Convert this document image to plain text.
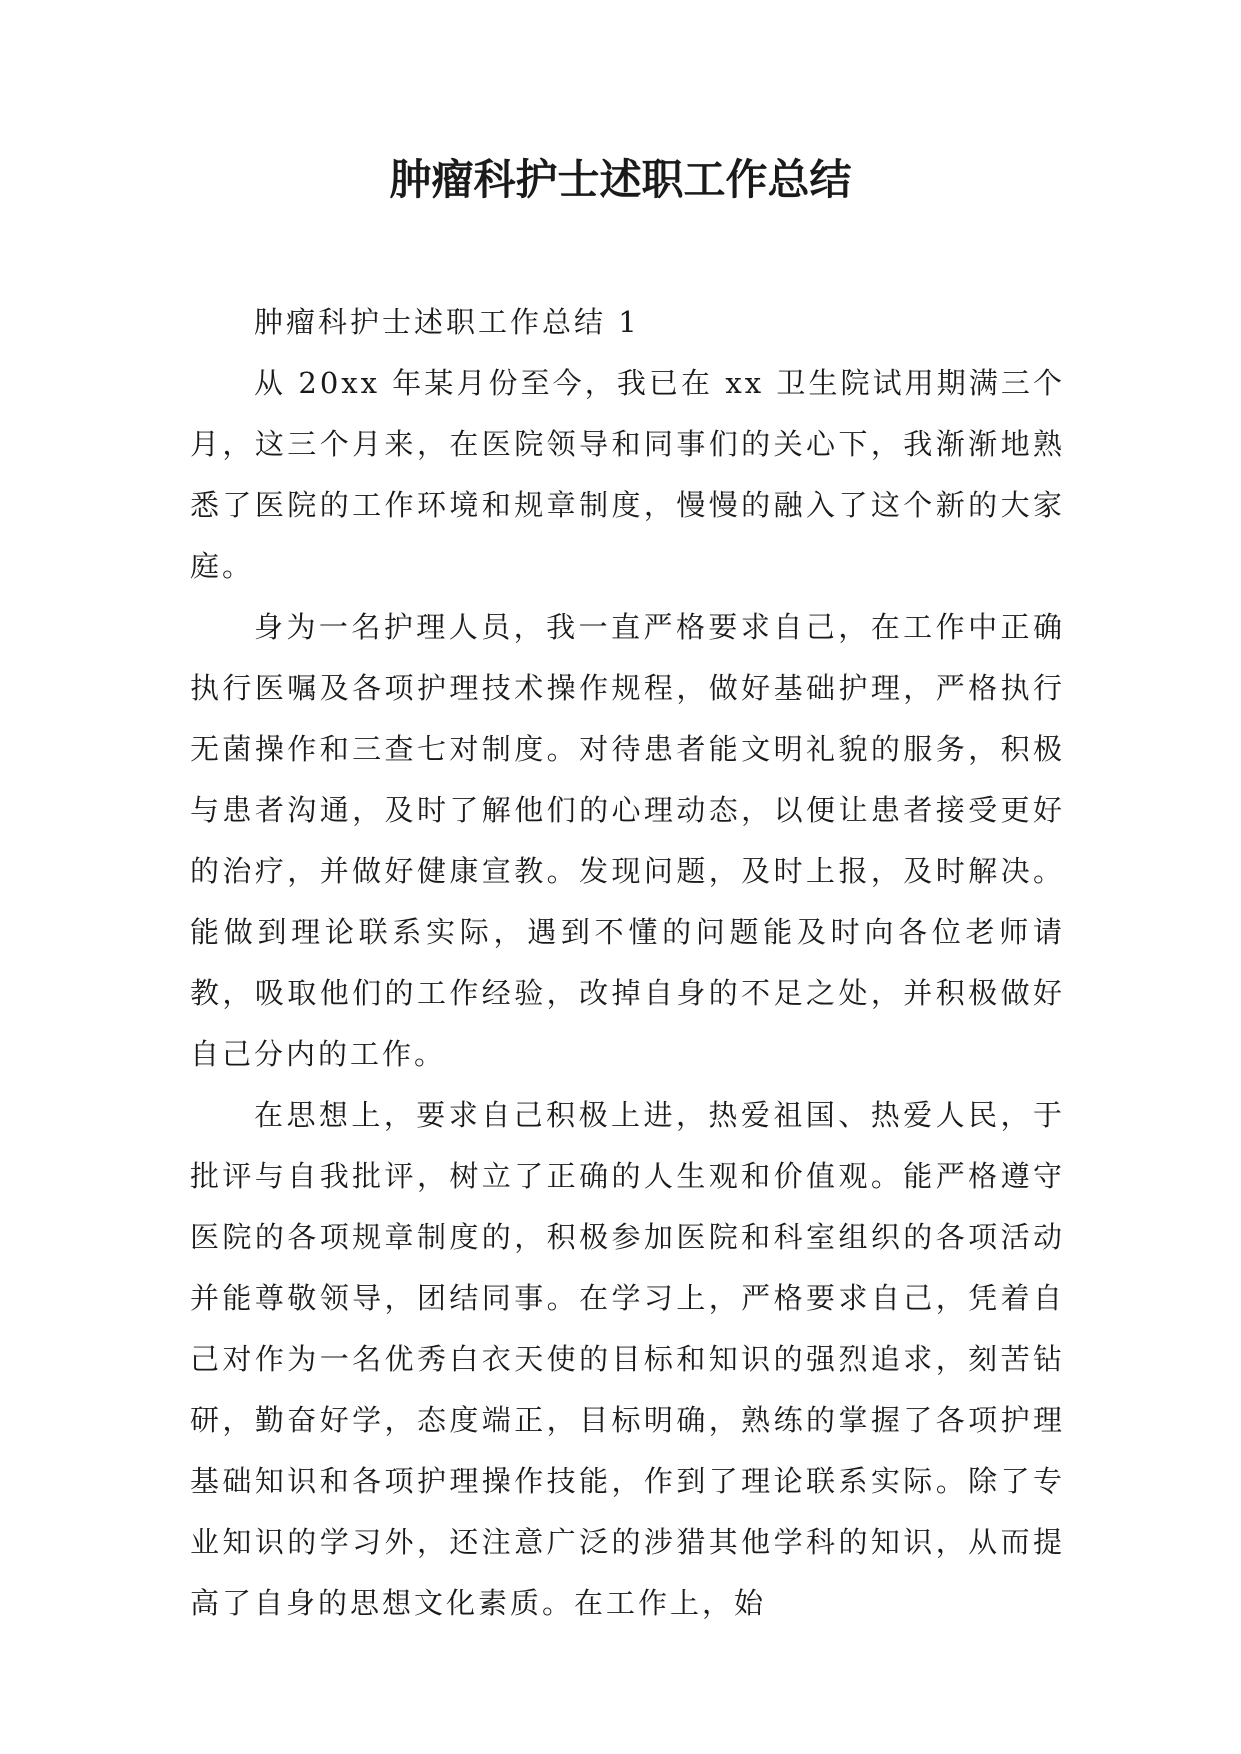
肿瘤科护士述职工作总结

肿瘤科护士述职工作总结 1

从 20xx 年某月份至今，我已在 xx 卫生院试用期满三个月，这三个月来，在医院领导和同事们的关心下，我渐渐地熟悉了医院的工作环境和规章制度，慢慢的融入了这个新的大家庭。

身为一名护理人员，我一直严格要求自己，在工作中正确执行医嘱及各项护理技术操作规程，做好基础护理，严格执行无菌操作和三查七对制度。对待患者能文明礼貌的服务，积极与患者沟通，及时了解他们的心理动态，以便让患者接受更好的治疗，并做好健康宣教。发现问题，及时上报，及时解决。能做到理论联系实际，遇到不懂的问题能及时向各位老师请教，吸取他们的工作经验，改掉自身的不足之处，并积极做好自己分内的工作。

在思想上，要求自己积极上进，热爱祖国、热爱人民，于批评与自我批评，树立了正确的人生观和价值观。能严格遵守医院的各项规章制度的，积极参加医院和科室组织的各项活动并能尊敬领导，团结同事。在学习上，严格要求自己，凭着自己对作为一名优秀白衣天使的目标和知识的强烈追求，刻苦钻研，勤奋好学，态度端正，目标明确，熟练的掌握了各项护理基础知识和各项护理操作技能，作到了理论联系实际。除了专业知识的学习外，还注意广泛的涉猎其他学科的知识，从而提高了自身的思想文化素质。在工作上，始
